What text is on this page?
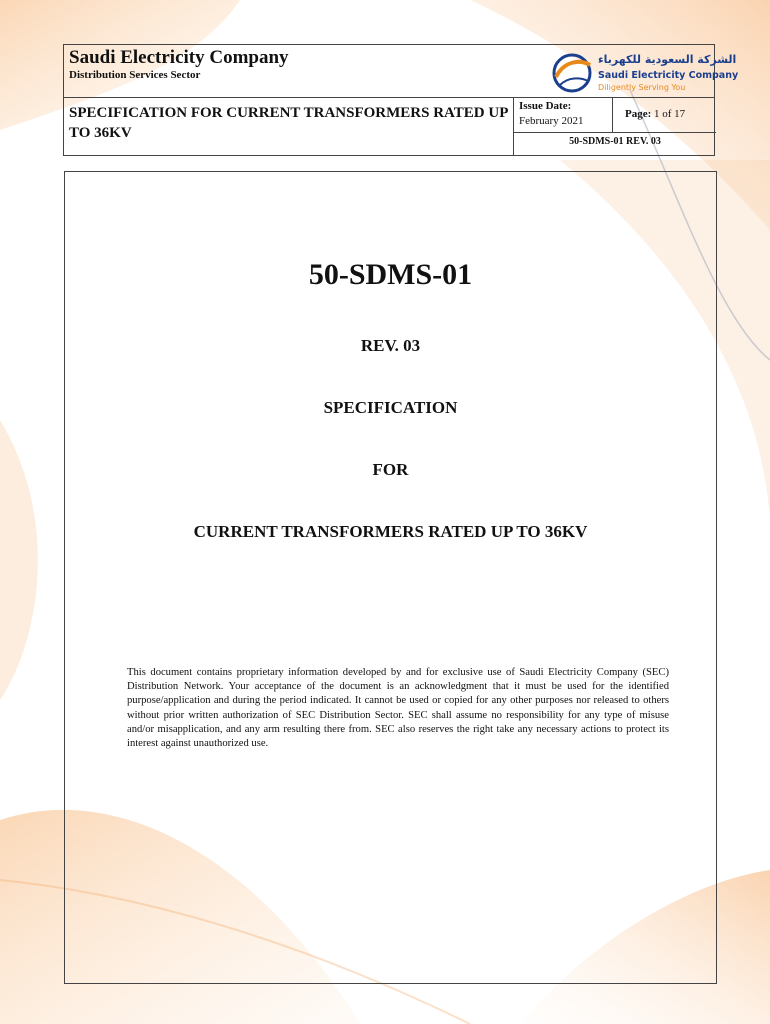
Saudi Electricity Company
Distribution Services Sector
الشركة السعودية للكهرباء
Saudi Electricity Company
Diligently Serving You
SPECIFICATION FOR CURRENT TRANSFORMERS RATED UP TO 36KV
Issue Date:
February 2021
Page: 1 of 17
50-SDMS-01 REV. 03
50-SDMS-01
REV. 03
SPECIFICATION
FOR
CURRENT TRANSFORMERS RATED UP TO 36KV
This document contains proprietary information developed by and for exclusive use of Saudi Electricity Company (SEC) Distribution Network. Your acceptance of the document is an acknowledgment that it must be used for the identified purpose/application and during the period indicated. It cannot be used or copied for any other purposes nor released to others without prior written authorization of SEC Distribution Sector. SEC shall assume no responsibility for any type of misuse and/or misapplication, and any arm resulting there from. SEC also reserves the right take any necessary actions to protect its interest against unauthorized use.
